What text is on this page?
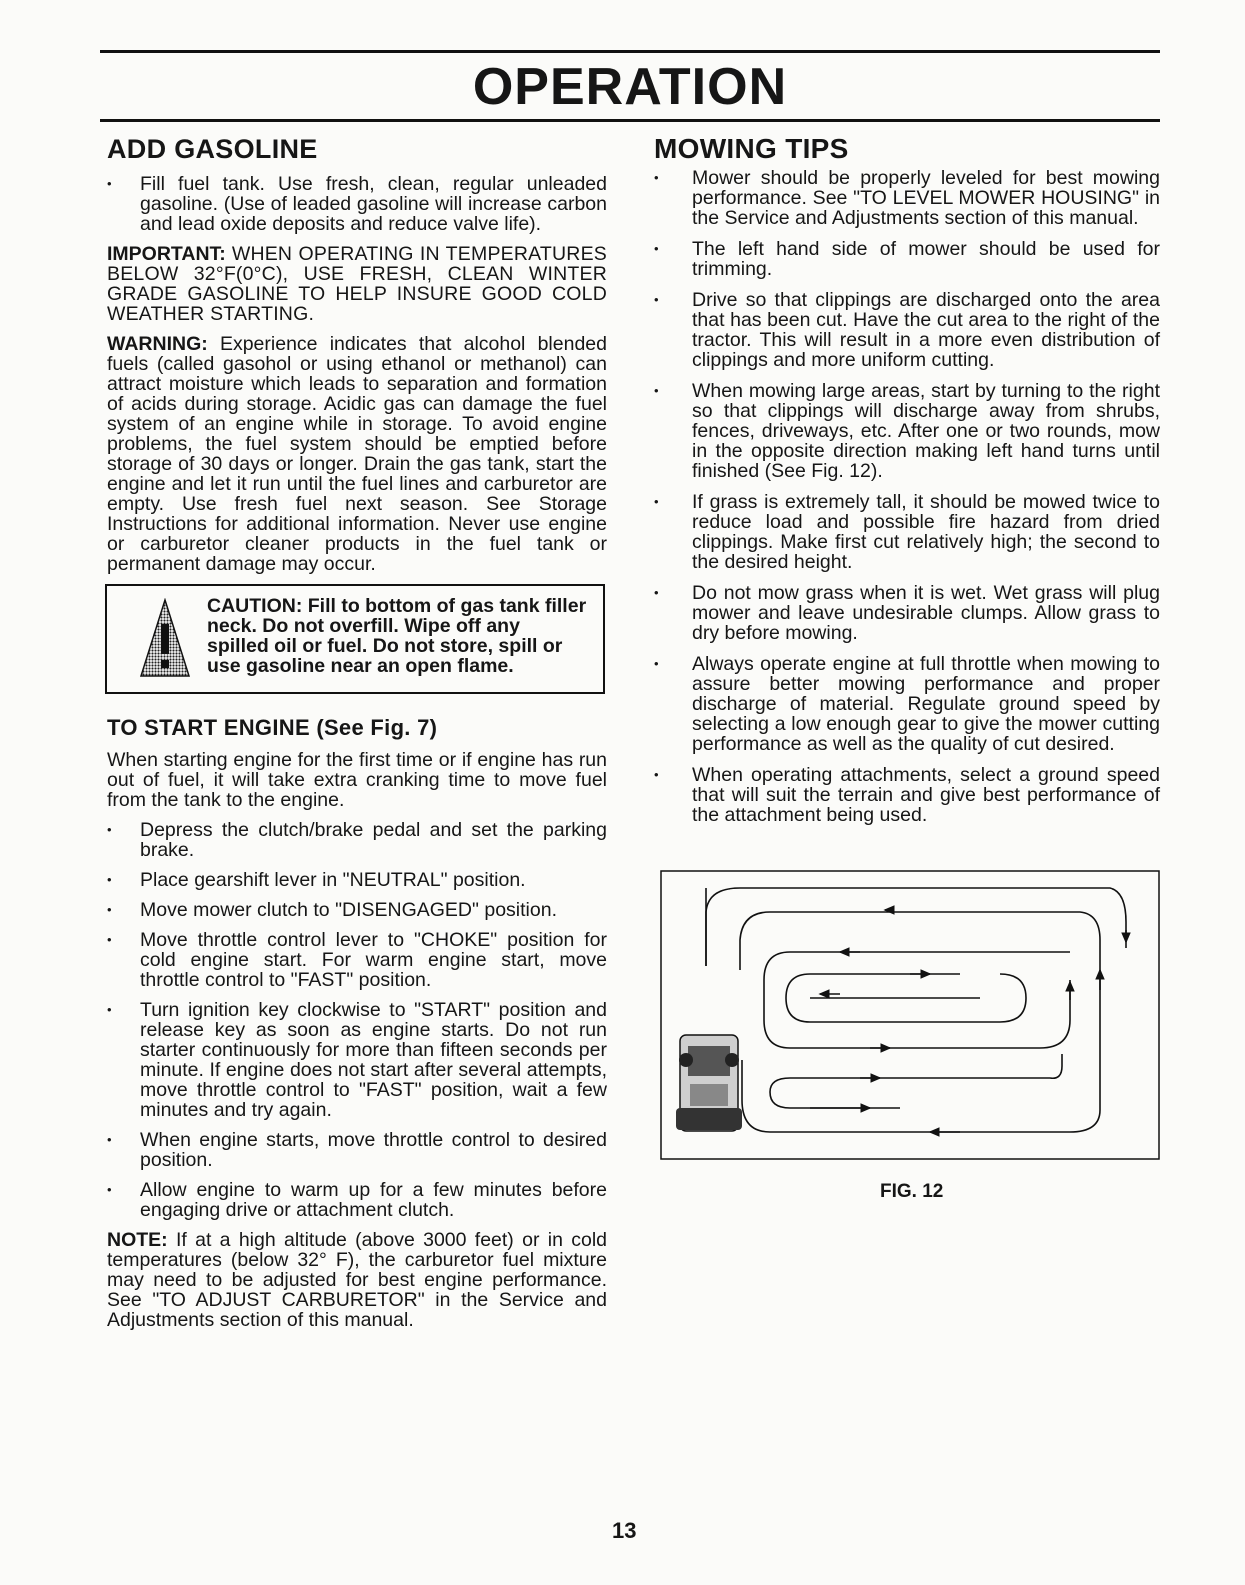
OPERATION
ADD GASOLINE
• Fill fuel tank. Use fresh, clean, regular unleaded gasoline. (Use of leaded gasoline will increase carbon and lead oxide deposits and reduce valve life).

IMPORTANT: WHEN OPERATING IN TEMPERATURES BELOW 32°F(0°C), USE FRESH, CLEAN WINTER GRADE GASOLINE TO HELP INSURE GOOD COLD WEATHER STARTING.

WARNING: Experience indicates that alcohol blended fuels (called gasohol or using ethanol or methanol) can attract moisture which leads to separation and formation of acids during storage. Acidic gas can damage the fuel system of an engine while in storage. To avoid engine problems, the fuel system should be emptied before storage of 30 days or longer. Drain the gas tank, start the engine and let it run until the fuel lines and carburetor are empty. Use fresh fuel next season. See Storage Instructions for additional information. Never use engine or carburetor cleaner products in the fuel tank or permanent damage may occur.

CAUTION: Fill to bottom of gas tank filler neck. Do not overfill. Wipe off any spilled oil or fuel. Do not store, spill or use gasoline near an open flame.
TO START ENGINE (See Fig. 7)

When starting engine for the first time or if engine has run out of fuel, it will take extra cranking time to move fuel from the tank to the engine.

• Depress the clutch/brake pedal and set the parking brake.
• Place gearshift lever in "NEUTRAL" position.
• Move mower clutch to "DISENGAGED" position.
• Move throttle control lever to "CHOKE" position for cold engine start. For warm engine start, move throttle control to "FAST" position.
• Turn ignition key clockwise to "START" position and release key as soon as engine starts. Do not run starter continuously for more than fifteen seconds per minute. If engine does not start after several attempts, move throttle control to "FAST" position, wait a few minutes and try again.
• When engine starts, move throttle control to desired position.
• Allow engine to warm up for a few minutes before engaging drive or attachment clutch.

NOTE: If at a high altitude (above 3000 feet) or in cold temperatures (below 32° F), the carburetor fuel mixture may need to be adjusted for best engine performance. See "TO ADJUST CARBURETOR" in the Service and Adjustments section of this manual.

MOWING TIPS
• Mower should be properly leveled for best mowing performance. See "TO LEVEL MOWER HOUSING" in the Service and Adjustments section of this manual.
• The left hand side of mower should be used for trimming.
• Drive so that clippings are discharged onto the area that has been cut. Have the cut area to the right of the tractor. This will result in a more even distribution of clippings and more uniform cutting.
• When mowing large areas, start by turning to the right so that clippings will discharge away from shrubs, fences, driveways, etc. After one or two rounds, mow in the opposite direction making left hand turns until finished (See Fig. 12).
• If grass is extremely tall, it should be mowed twice to reduce load and possible fire hazard from dried clippings. Make first cut relatively high; the second to the desired height.
• Do not mow grass when it is wet. Wet grass will plug mower and leave undesirable clumps. Allow grass to dry before mowing.
• Always operate engine at full throttle when mowing to assure better mowing performance and proper discharge of material. Regulate ground speed by selecting a low enough gear to give the mower cutting performance as well as the quality of cut desired.
• When operating attachments, select a ground speed that will suit the terrain and give best performance of the attachment being used.
FIG. 12
13
